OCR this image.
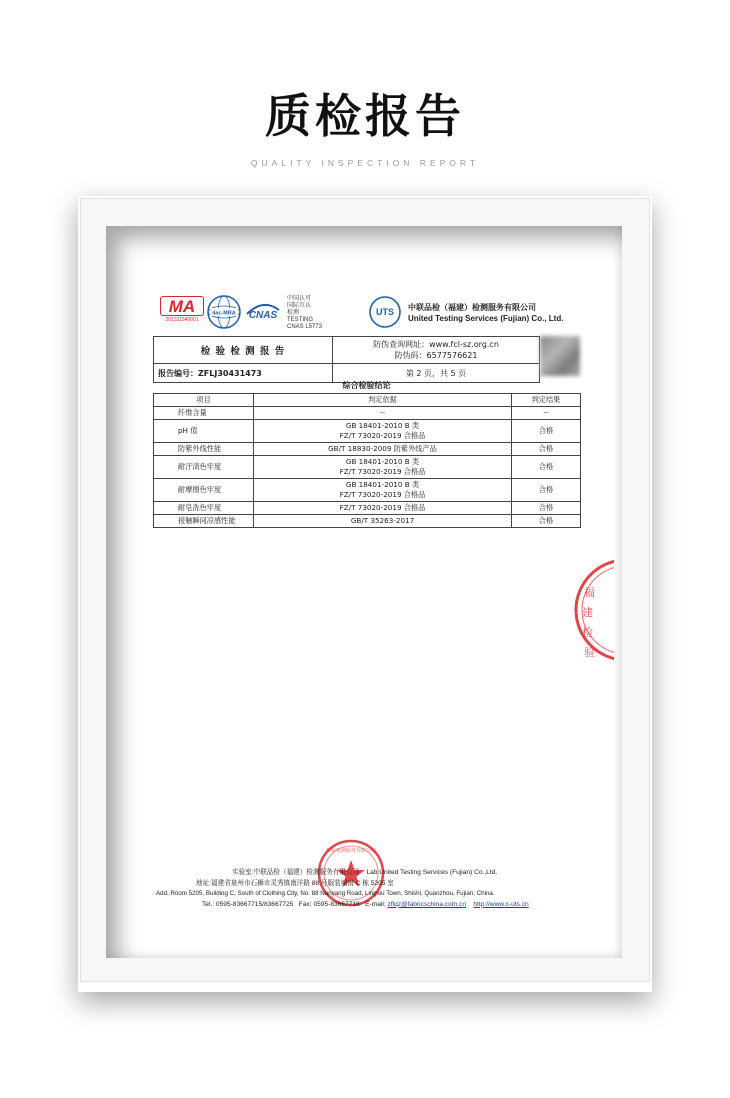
质检报告
QUALITY INSPECTION REPORT
MA
201311340001
ilac-MRA CNAS
中国认可
国际互认
检测
TESTING
CNAS L5773
UTS 中联品检（福建）检测服务有限公司
United Testing Services (Fujian) Co., Ltd.
检 验 检 测 报 告	防伪查询网址：www.fcl-sz.org.cn
防伪码：6577576621

报告编号：ZFLJ30431473	第 2 页，共 5 页
综合检验结论
项目	判定依据	判定结果
纤维含量	--	--
pH 值	GB 18401-2010 B 类
FZ/T 73020-2019 合格品	合格
防紫外线性能	GB/T 18830-2009 防紫外线产品	合格
耐汗渍色牢度	GB 18401-2010 B 类
FZ/T 73020-2019 合格品	合格
耐摩擦色牢度	GB 18401-2010 B 类
FZ/T 73020-2019 合格品	合格
耐皂洗色牢度	FZ/T 73020-2019 合格品	合格
接触瞬间凉感性能	GB/T 35263-2017	合格
福
建
检
验
检验检测服务有限公司
实验室:中联品检（福建）检测服务有限公司 Lab:United Testing Services (Fujian) Co.,Ltd.
地址:福建省泉州市石狮市灵秀镇南洋路 88 号服装城南 C 栋 5205 室
Add.:Room 5205, Building C, South of Clothing City, No. 88 Nanyang Road, Lingxiu Town, Shishi, Quanzhou, Fujian, China.
Tel.: 0595-83667715/83667725 Fax: 0595-83667718 E-mail: zflqz@fabricschina.com.cn http://www.c-uts.cn
